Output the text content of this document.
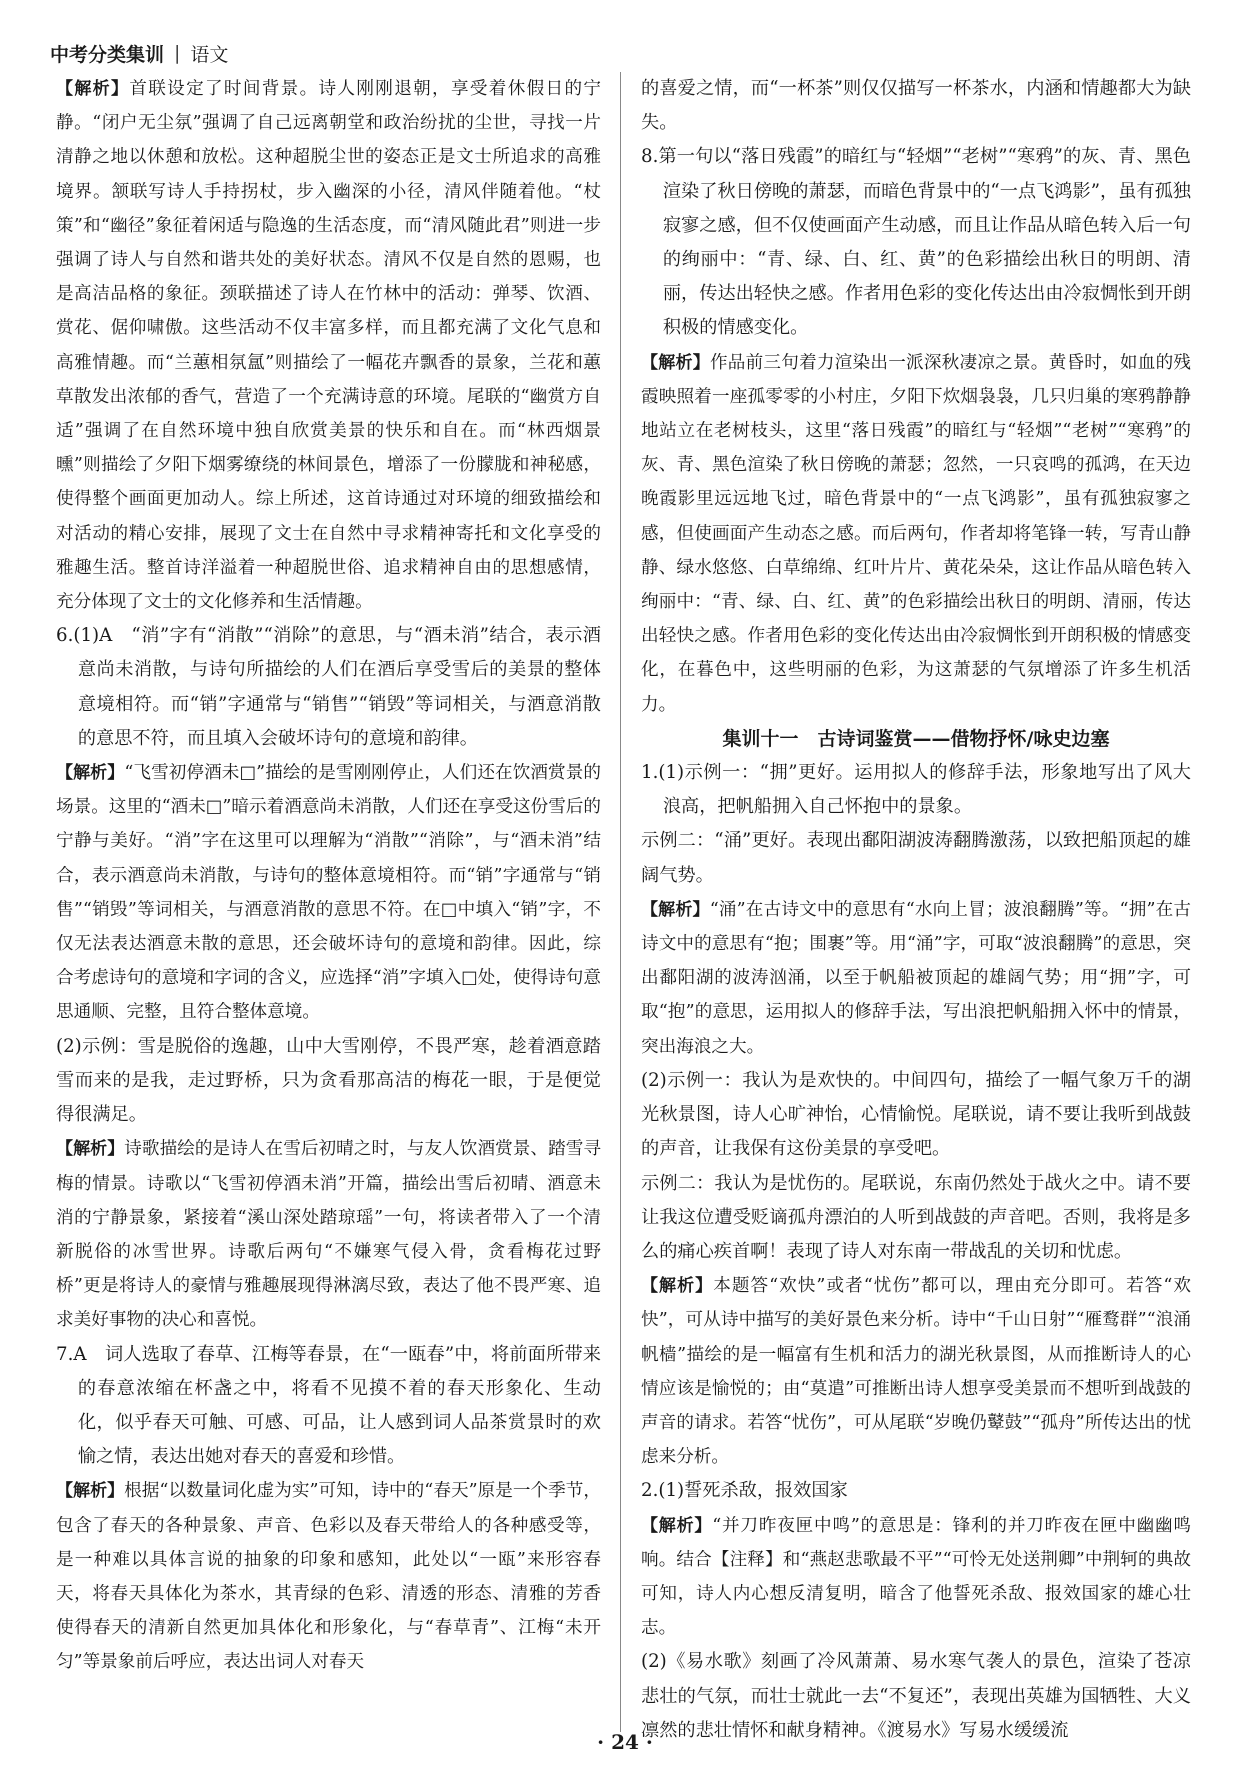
中考分类集训 | 语文

【解析】首联设定了时间背景。诗人刚刚退朝，享受着休假日的宁静。“闭户无尘氛”强调了自己远离朝堂和政治纷扰的尘世，寻找一片清静之地以休憩和放松。这种超脱尘世的姿态正是文士所追求的高雅境界。颔联写诗人手持拐杖，步入幽深的小径，清风伴随着他。“杖策”和“幽径”象征着闲适与隐逸的生活态度，而“清风随此君”则进一步强调了诗人与自然和谐共处的美好状态。清风不仅是自然的恩赐，也是高洁品格的象征。颈联描述了诗人在竹林中的活动：弹琴、饮酒、赏花、倨仰啸傲。这些活动不仅丰富多样，而且都充满了文化气息和高雅情趣。而“兰蕙相氛氲”则描绘了一幅花卉飘香的景象，兰花和蕙草散发出浓郁的香气，营造了一个充满诗意的环境。尾联的“幽赏方自适”强调了在自然环境中独自欣赏美景的快乐和自在。而“林西烟景曛”则描绘了夕阳下烟雾缭绕的林间景色，增添了一份朦胧和神秘感，使得整个画面更加动人。综上所述，这首诗通过对环境的细致描绘和对活动的精心安排，展现了文士在自然中寻求精神寄托和文化享受的雅趣生活。整首诗洋溢着一种超脱世俗、追求精神自由的思想感情，充分体现了文士的文化修养和生活情趣。

6.(1)A　“消”字有“消散”“消除”的意思，与“酒未消”结合，表示酒意尚未消散，与诗句所描绘的人们在酒后享受雪后的美景的整体意境相符。而“销”字通常与“销售”“销毁”等词相关，与酒意消散的意思不符，而且填入会破坏诗句的意境和韵律。

【解析】“飞雪初停酒未□”描绘的是雪刚刚停止，人们还在饮酒赏景的场景。这里的“酒未□”暗示着酒意尚未消散，人们还在享受这份雪后的宁静与美好。“消”字在这里可以理解为“消散”“消除”，与“酒未消”结合，表示酒意尚未消散，与诗句的整体意境相符。而“销”字通常与“销售”“销毁”等词相关，与酒意消散的意思不符。在□中填入“销”字，不仅无法表达酒意未散的意思，还会破坏诗句的意境和韵律。因此，综合考虑诗句的意境和字词的含义，应选择“消”字填入□处，使得诗句意思通顺、完整，且符合整体意境。

(2)示例：雪是脱俗的逸趣，山中大雪刚停，不畏严寒，趁着酒意踏雪而来的是我，走过野桥，只为贪看那高洁的梅花一眼，于是便觉得很满足。

【解析】诗歌描绘的是诗人在雪后初晴之时，与友人饮酒赏景、踏雪寻梅的情景。诗歌以“飞雪初停酒未消”开篇，描绘出雪后初晴、酒意未消的宁静景象，紧接着“溪山深处踏琼瑶”一句，将读者带入了一个清新脱俗的冰雪世界。诗歌后两句“不嫌寒气侵入骨，贪看梅花过野桥”更是将诗人的豪情与雅趣展现得淋漓尽致，表达了他不畏严寒、追求美好事物的决心和喜悦。

7.A　词人选取了春草、江梅等春景，在“一瓯春”中，将前面所带来的春意浓缩在杯盏之中，将看不见摸不着的春天形象化、生动化，似乎春天可触、可感、可品，让人感到词人品茶赏景时的欢愉之情，表达出她对春天的喜爱和珍惜。

【解析】根据“以数量词化虚为实”可知，诗中的“春天”原是一个季节，包含了春天的各种景象、声音、色彩以及春天带给人的各种感受等，是一种难以具体言说的抽象的印象和感知，此处以“一瓯”来形容春天，将春天具体化为茶水，其青绿的色彩、清透的形态、清雅的芳香使得春天的清新自然更加具体化和形象化，与“春草青”、江梅“未开匀”等景象前后呼应，表达出词人对春天

的喜爱之情，而“一杯茶”则仅仅描写一杯茶水，内涵和情趣都大为缺失。

8.第一句以“落日残霞”的暗红与“轻烟”“老树”“寒鸦”的灰、青、黑色渲染了秋日傍晚的萧瑟，而暗色背景中的“一点飞鸿影”，虽有孤独寂寥之感，但不仅使画面产生动感，而且让作品从暗色转入后一句的绚丽中：“青、绿、白、红、黄”的色彩描绘出秋日的明朗、清丽，传达出轻快之感。作者用色彩的变化传达出由冷寂惆怅到开朗积极的情感变化。

【解析】作品前三句着力渲染出一派深秋凄凉之景。黄昏时，如血的残霞映照着一座孤零零的小村庄，夕阳下炊烟袅袅，几只归巢的寒鸦静静地站立在老树枝头，这里“落日残霞”的暗红与“轻烟”“老树”“寒鸦”的灰、青、黑色渲染了秋日傍晚的萧瑟；忽然，一只哀鸣的孤鸿，在天边晚霞影里远远地飞过，暗色背景中的“一点飞鸿影”，虽有孤独寂寥之感，但使画面产生动态之感。而后两句，作者却将笔锋一转，写青山静静、绿水悠悠、白草绵绵、红叶片片、黄花朵朵，这让作品从暗色转入绚丽中：“青、绿、白、红、黄”的色彩描绘出秋日的明朗、清丽，传达出轻快之感。作者用色彩的变化传达出由冷寂惆怅到开朗积极的情感变化，在暮色中，这些明丽的色彩，为这萧瑟的气氛增添了许多生机活力。

集训十一　古诗词鉴赏——借物抒怀/咏史边塞

1.(1)示例一：“拥”更好。运用拟人的修辞手法，形象地写出了风大浪高，把帆船拥入自己怀抱中的景象。

示例二：“涌”更好。表现出鄱阳湖波涛翻腾激荡，以致把船顶起的雄阔气势。

【解析】“涌”在古诗文中的意思有“水向上冒；波浪翻腾”等。“拥”在古诗文中的意思有“抱；围裹”等。用“涌”字，可取“波浪翻腾”的意思，突出鄱阳湖的波涛汹涌，以至于帆船被顶起的雄阔气势；用“拥”字，可取“抱”的意思，运用拟人的修辞手法，写出浪把帆船拥入怀中的情景，突出海浪之大。

(2)示例一：我认为是欢快的。中间四句，描绘了一幅气象万千的湖光秋景图，诗人心旷神怡，心情愉悦。尾联说，请不要让我听到战鼓的声音，让我保有这份美景的享受吧。

示例二：我认为是忧伤的。尾联说，东南仍然处于战火之中。请不要让我这位遭受贬谪孤舟漂泊的人听到战鼓的声音吧。否则，我将是多么的痛心疾首啊！表现了诗人对东南一带战乱的关切和忧虑。

【解析】本题答“欢快”或者“忧伤”都可以，理由充分即可。若答“欢快”，可从诗中描写的美好景色来分析。诗中“千山日射”“雁鹜群”“浪涌帆樯”描绘的是一幅富有生机和活力的湖光秋景图，从而推断诗人的心情应该是愉悦的；由“莫遣”可推断出诗人想享受美景而不想听到战鼓的声音的请求。若答“忧伤”，可从尾联“岁晚仍鼙鼓”“孤舟”所传达出的忧虑来分析。

2.(1)誓死杀敌，报效国家

【解析】“并刀昨夜匣中鸣”的意思是：锋利的并刀昨夜在匣中幽幽鸣响。结合【注释】和“燕赵悲歌最不平”“可怜无处送荆卿”中荆轲的典故可知，诗人内心想反清复明，暗含了他誓死杀敌、报效国家的雄心壮志。

(2)《易水歌》刻画了冷风萧萧、易水寒气袭人的景色，渲染了苍凉悲壮的气氛，而壮士就此一去“不复还”，表现出英雄为国牺牲、大义凛然的悲壮情怀和献身精神。《渡易水》写易水缓缓流

· 24 ·
